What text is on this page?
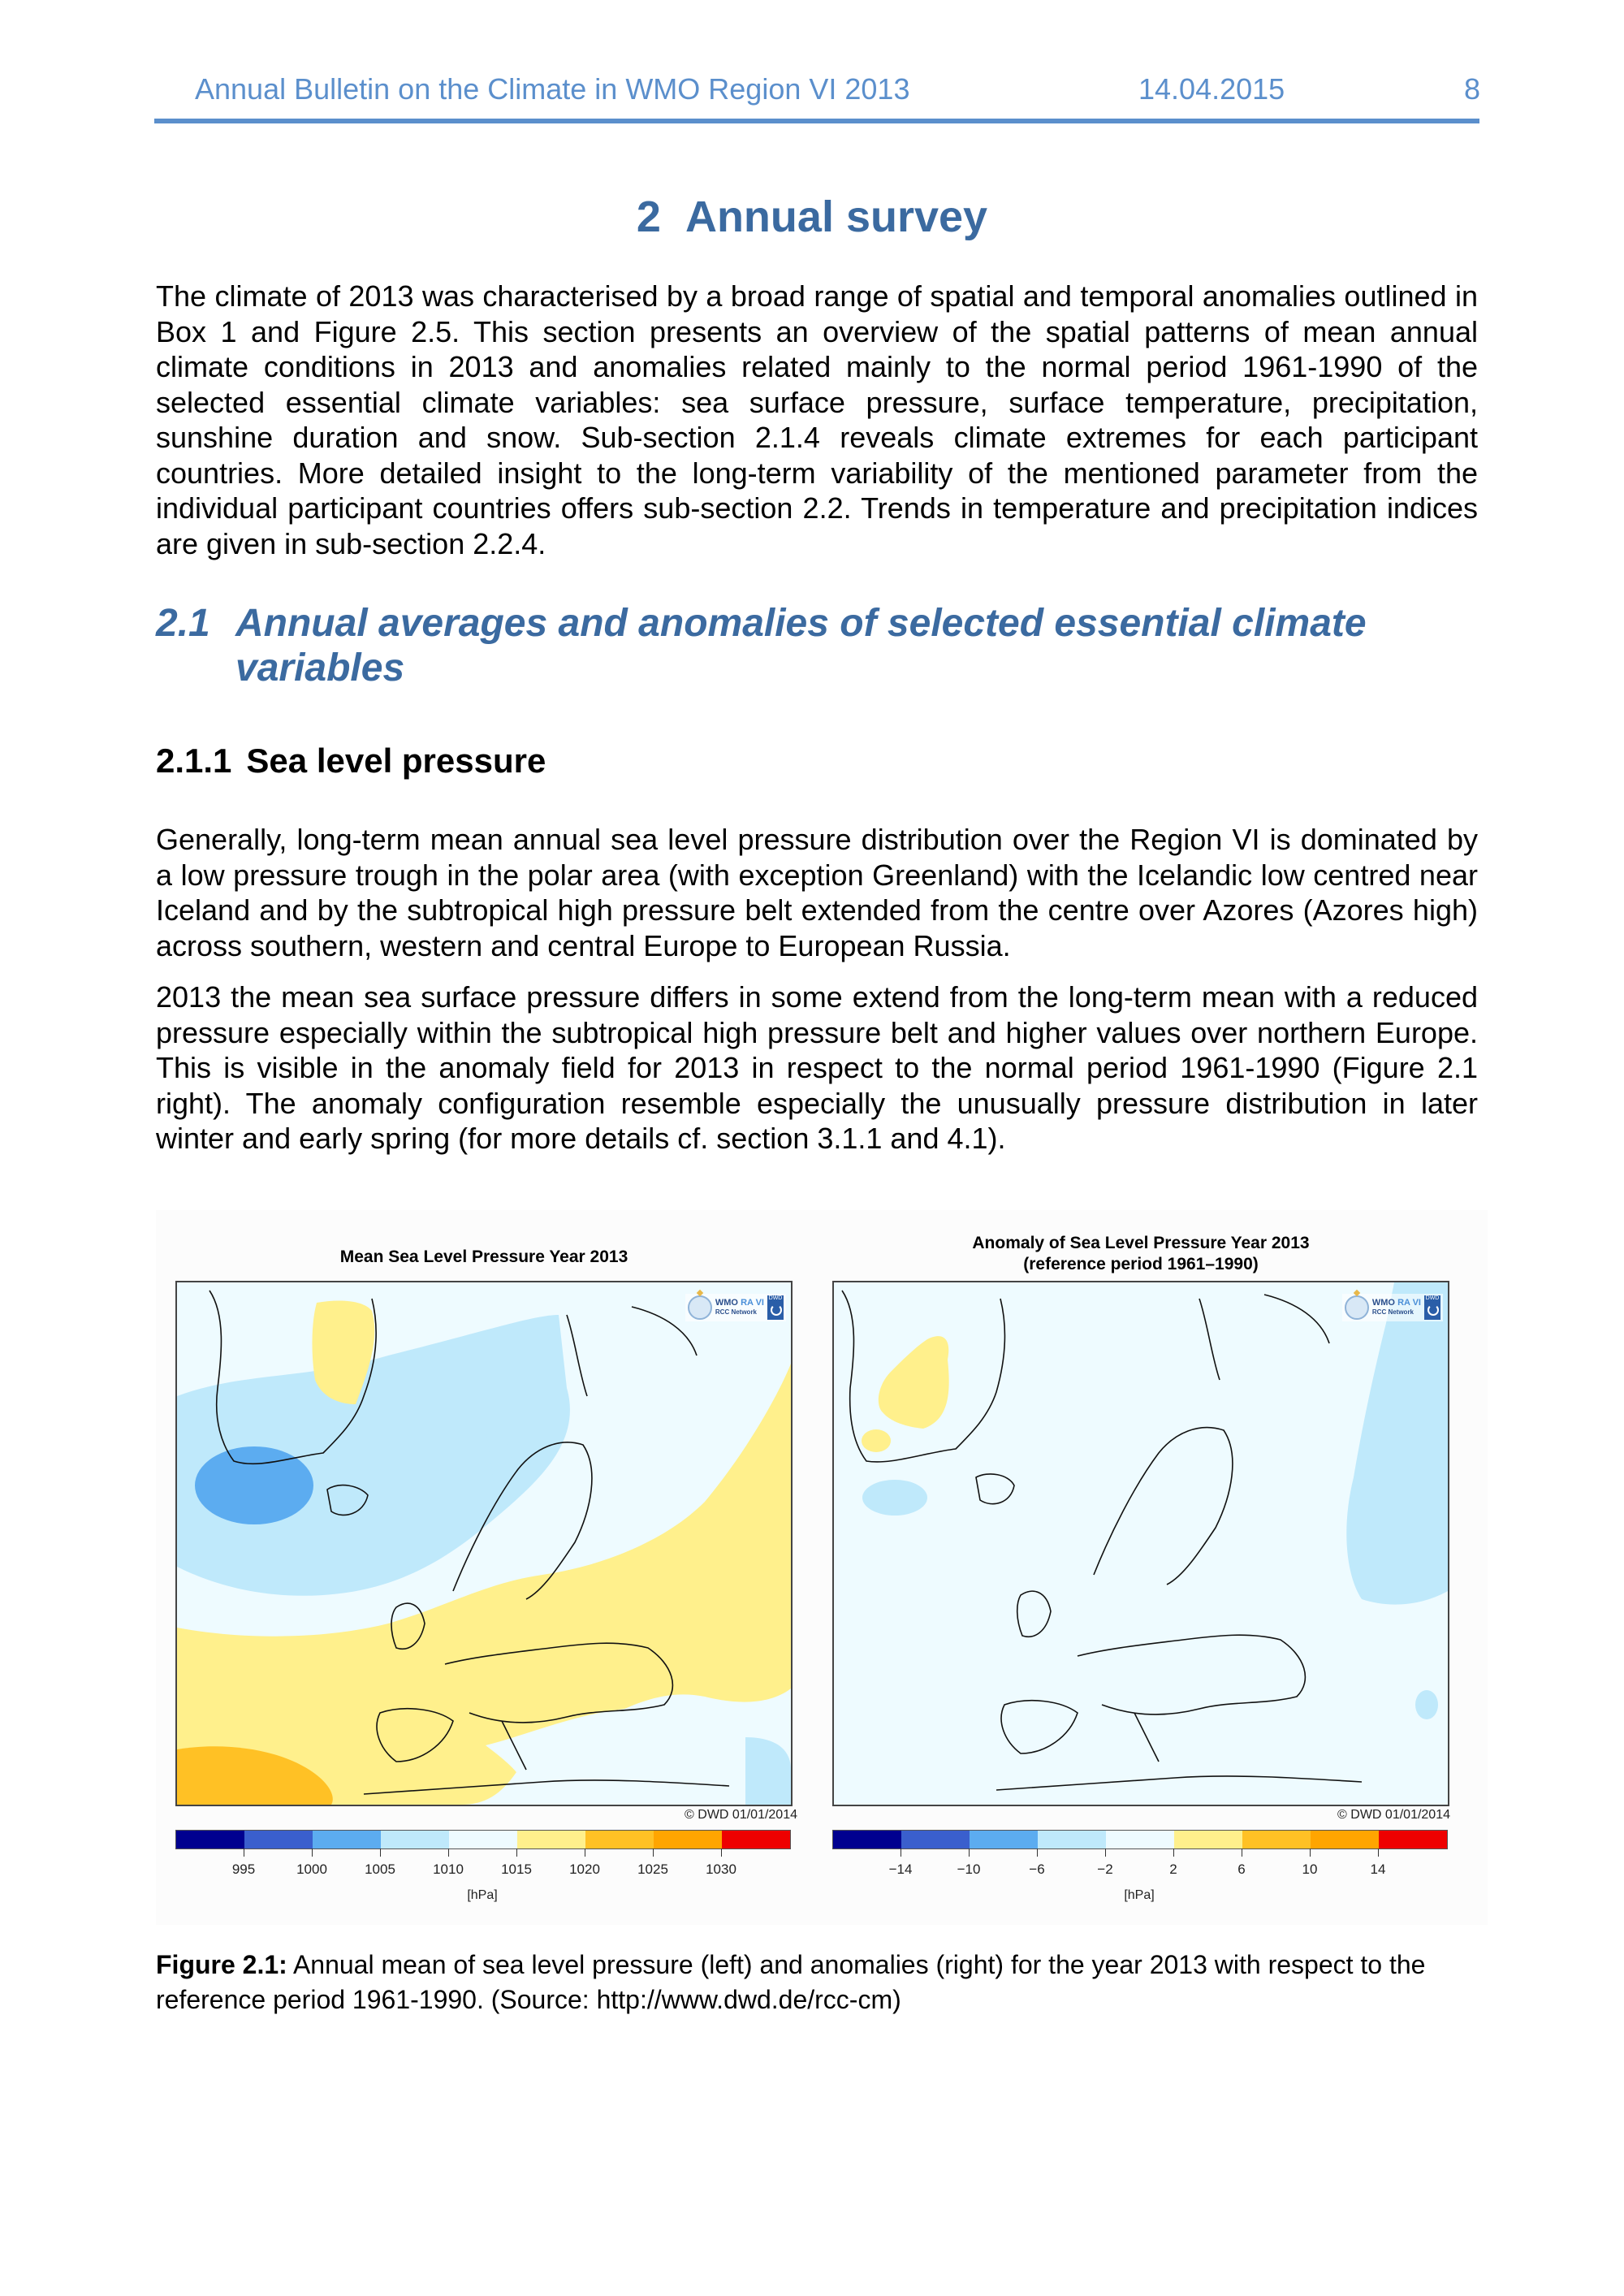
Annual Bulletin on the Climate in WMO Region VI 2013	14.04.2015	8
2 Annual survey
The climate of 2013 was characterised by a broad range of spatial and temporal anomalies outlined in Box 1 and Figure 2.5. This section presents an overview of the spatial patterns of mean annual climate conditions in 2013 and anomalies related mainly to the normal period 1961-1990 of the selected essential climate variables: sea surface pressure, surface temperature, precipitation, sunshine duration and snow. Sub-section 2.1.4 reveals climate extremes for each participant countries. More detailed insight to the long-term variability of the mentioned parameter from the individual participant countries offers sub-section 2.2. Trends in temperature and precipitation indices are given in sub-section 2.2.4.
2.1 Annual averages and anomalies of selected essential climate variables
2.1.1 Sea level pressure
Generally, long-term mean annual sea level pressure distribution over the Region VI is dominated by a low pressure trough in the polar area (with exception Greenland) with the Icelandic low centred near Iceland and by the subtropical high pressure belt extended from the centre over Azores (Azores high) across southern, western and central Europe to European Russia.
2013 the mean sea surface pressure differs in some extend from the long-term mean with a reduced pressure especially within the subtropical high pressure belt and higher values over northern Europe. This is visible in the anomaly field for 2013 in respect to the normal period 1961-1990 (Figure 2.1 right). The anomaly configuration resemble especially the unusually pressure distribution in later winter and early spring (for more details cf. section 3.1.1 and 4.1).
Mean Sea Level Pressure Year 2013
WMO RA VI
RCC Network
DWD
© DWD 01/01/2014
995	1000	1005	1010	1015	1020	1025	1030
[hPa]
Anomaly of Sea Level Pressure Year 2013
(reference period 1961–1990)
WMO RA VI
RCC Network
DWD
© DWD 01/01/2014
−14	−10	−6	−2	2	6	10	14
[hPa]
Figure 2.1: Annual mean of sea level pressure (left) and anomalies (right) for the year 2013 with respect to the reference period 1961-1990. (Source: http://www.dwd.de/rcc-cm)
